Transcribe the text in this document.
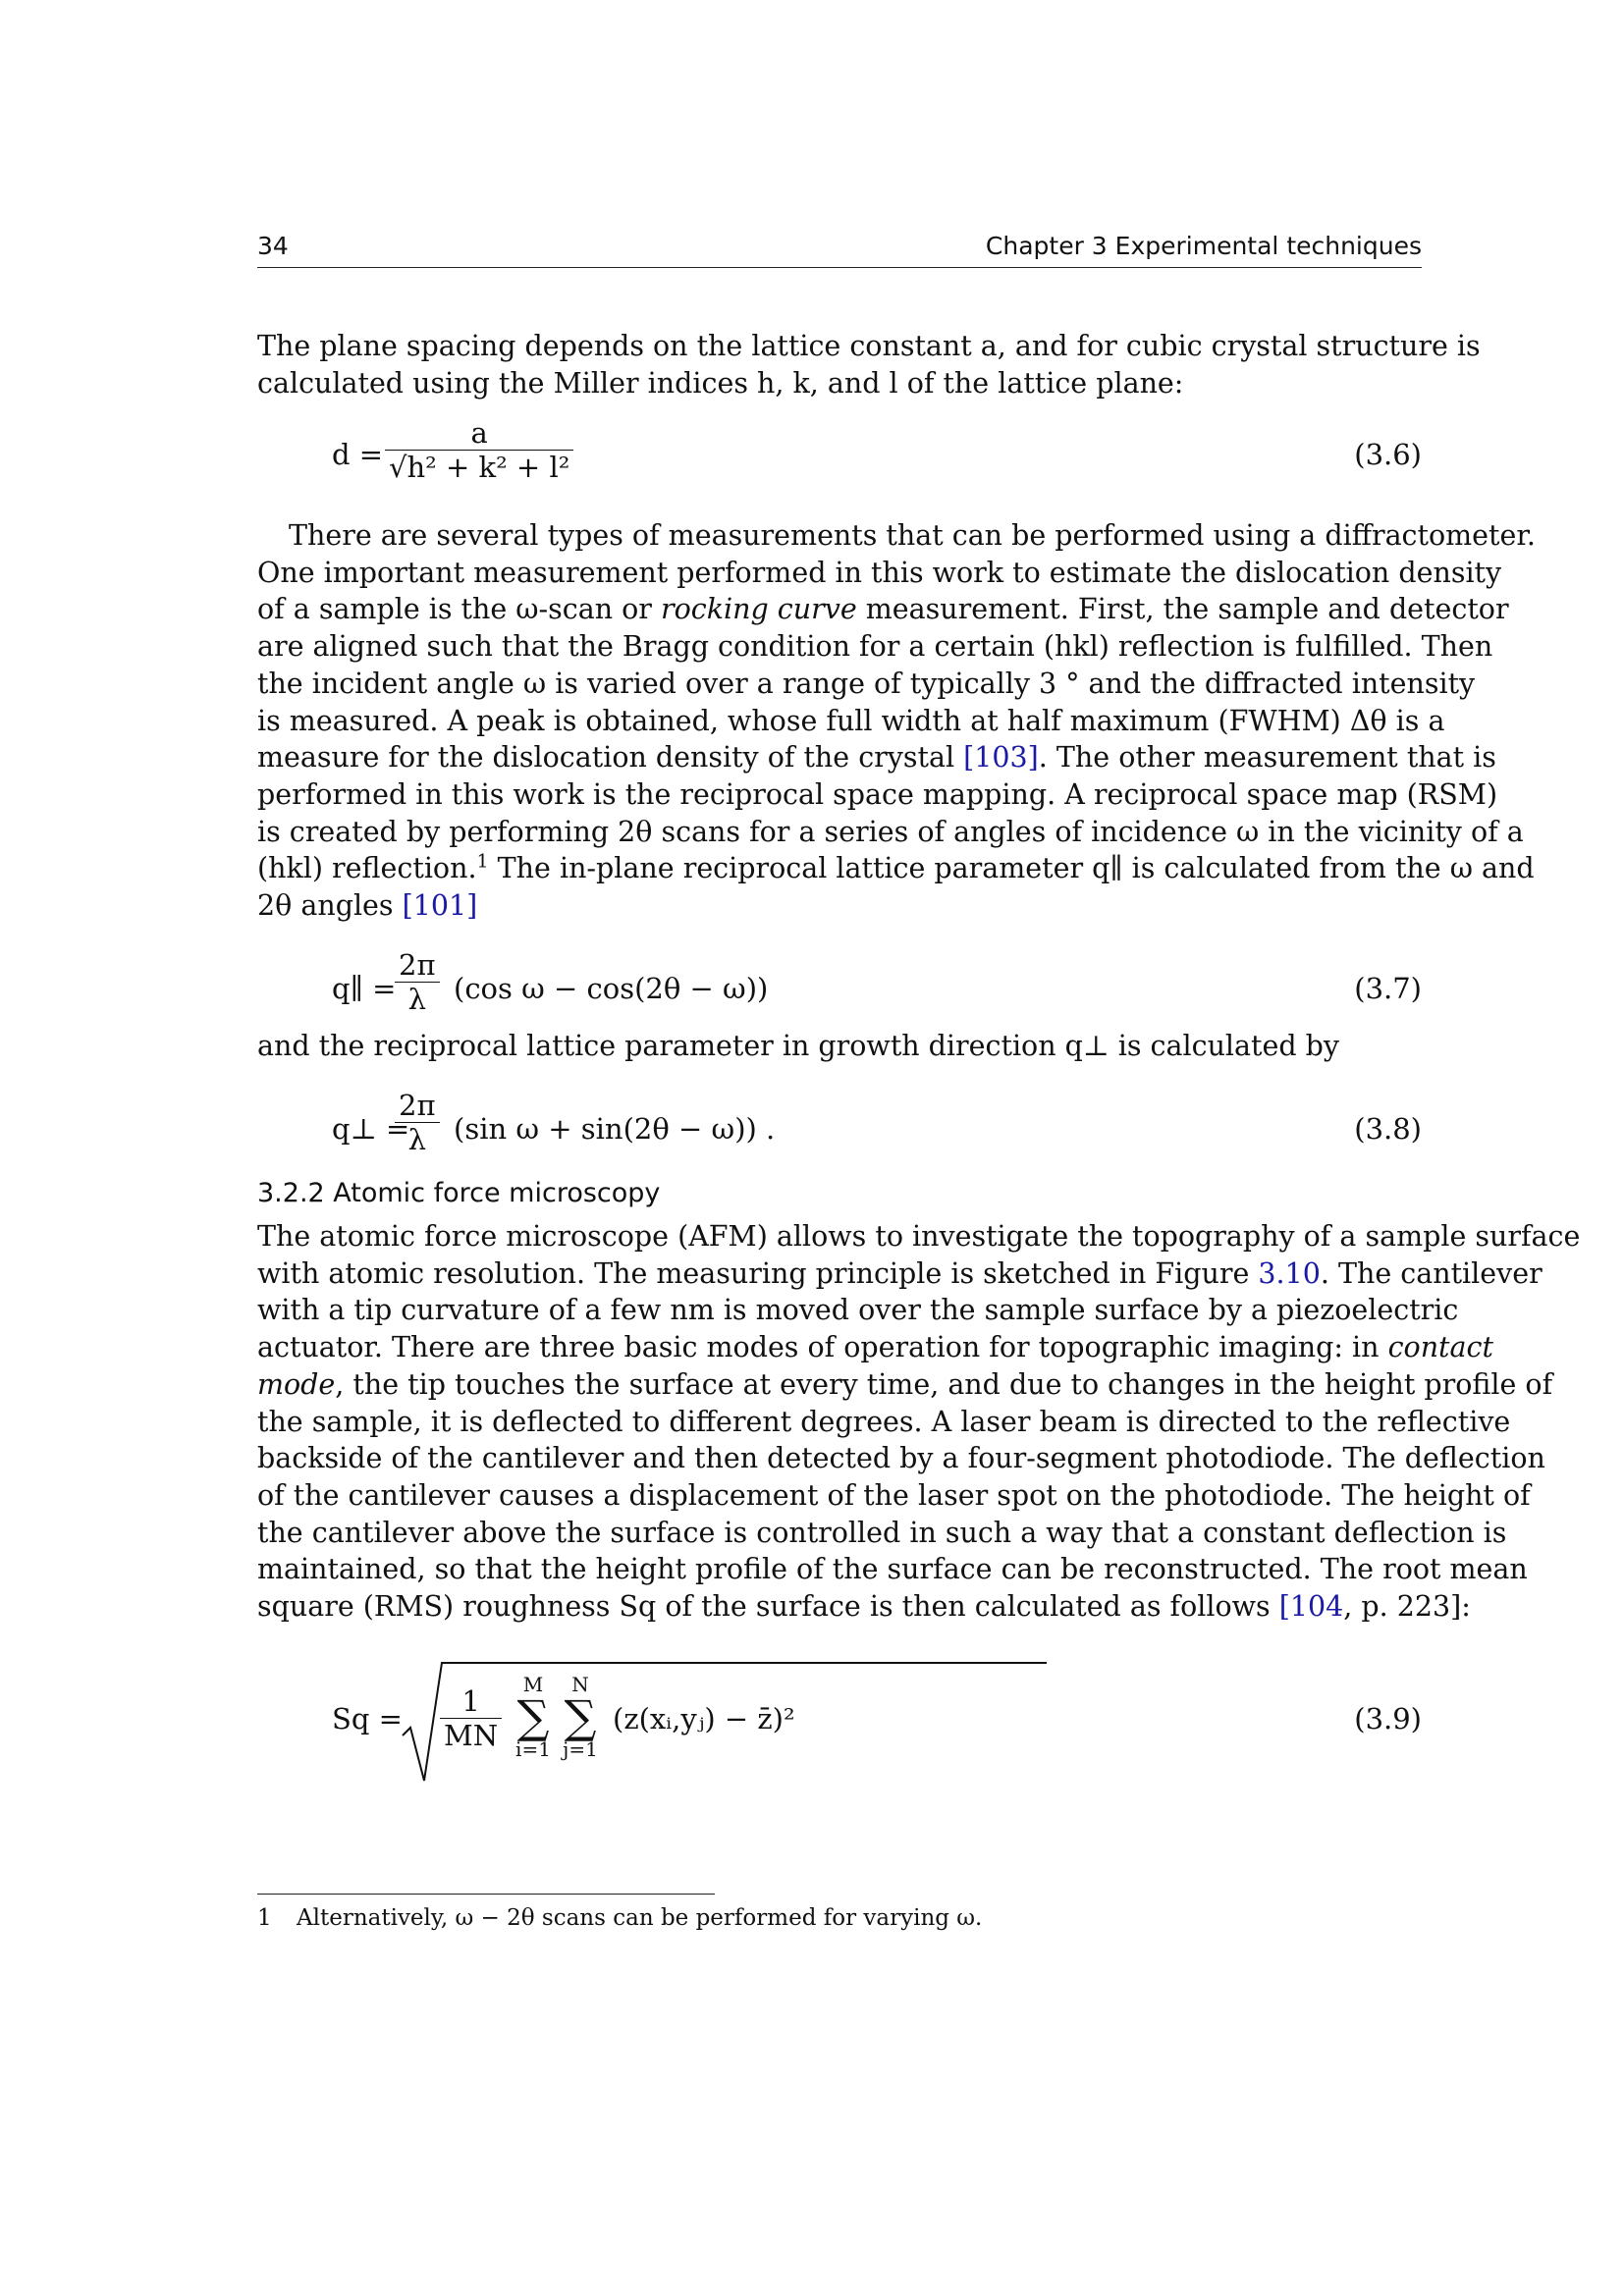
34	Chapter 3 Experimental techniques
The plane spacing depends on the lattice constant a, and for cubic crystal structure is
calculated using the Miller indices h, k, and l of the lattice plane:
$d = \frac{a}{\text{√h² + k² + l²}}$	(3.6)
There are several types of measurements that can be performed using a diffractometer.
One important measurement performed in this work to estimate the dislocation density
of a sample is the ω-scan or rocking curve measurement. First, the sample and detector
are aligned such that the Bragg condition for a certain (hkl) reflection is fulfilled. Then
the incident angle ω is varied over a range of typically 3 ° and the diffracted intensity
is measured. A peak is obtained, whose full width at half maximum (FWHM) Δθ is a
measure for the dislocation density of the crystal [103]. The other measurement that is
performed in this work is the reciprocal space mapping. A reciprocal space map (RSM)
is created by performing 2θ scans for a series of angles of incidence ω in the vicinity of a
(hkl) reflection.$^1$ The in-plane reciprocal lattice parameter q∥ is calculated from the ω and
2θ angles [101]
q∥ =
$\frac{2\pi}{\lambda} (\cos$ ω − cos(2θ − ω))	(3.7)
and the reciprocal lattice parameter in growth direction q⊥ is calculated by
q⊥ =
$\frac{2\pi}{\lambda} (\sin$ ω + sin(2θ − ω)) .	(3.8)
3.2.2 Atomic force microscopy
The atomic force microscope (AFM) allows to investigate the topography of a sample surface
with atomic resolution. The measuring principle is sketched in Figure 3.10. The cantilever
with a tip curvature of a few nm is moved over the sample surface by a piezoelectric
actuator. There are three basic modes of operation for topographic imaging: in contact
mode, the tip touches the surface at every time, and due to changes in the height profile of
the sample, it is deflected to different degrees. A laser beam is directed to the reflective
backside of the cantilever and then detected by a four-segment photodiode. The deflection
of the cantilever causes a displacement of the laser spot on the photodiode. The height of
the cantilever above the surface is controlled in such a way that a constant deflection is
maintained, so that the height profile of the surface can be reconstructed. The root mean
square (RMS) roughness Sq of the surface is then calculated as follows [104, p. 223]:
$Sq = \frac{1}{MN}$	M
∑
i=1
N
∑
j=1
(z(xᵢ,yⱼ) − z̄)²	(3.9)
1 Alternatively, ω − 2θ scans can be performed for varying ω.
